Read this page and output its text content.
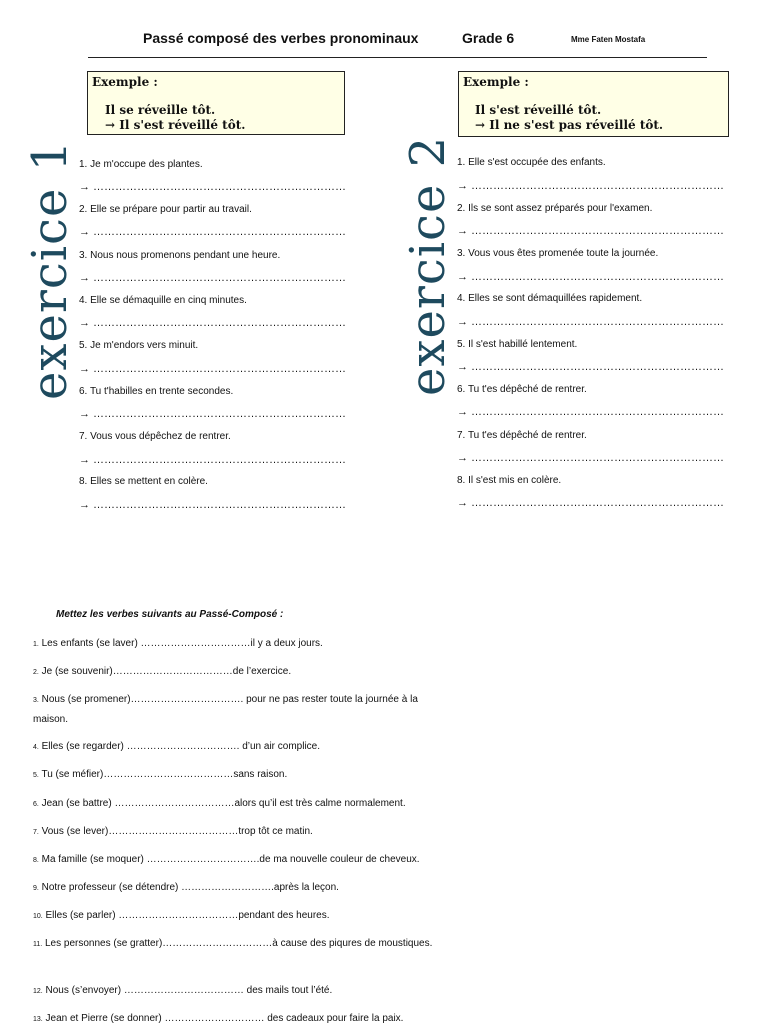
Passé composé des verbes pronominaux	Grade 6	Mme Faten Mostafa
Exemple :
Il se réveille tôt.
→ Il s'est réveillé tôt.
Exemple :
Il s'est réveillé tôt.
→ Il ne s'est pas réveillé tôt.
exercice 1	exercice 2
1. Je m'occupe des plantes.
→ ……………………………………………………………
2. Elle se prépare pour partir au travail.
→ ……………………………………………………………
3. Nous nous promenons pendant une heure.
→ ……………………………………………………………
4. Elle se démaquille en cinq minutes.
→ ……………………………………………………………
5. Je m'endors vers minuit.
→ ……………………………………………………………
6. Tu t'habilles en trente secondes.
→ ……………………………………………………………
7. Vous vous dépêchez de rentrer.
→ ……………………………………………………………
8. Elles se mettent en colère.
→ ……………………………………………………………
1. Elle s'est occupée des enfants.
→ ……………………………………………………………
2. Ils se sont assez préparés pour l'examen.
→ ……………………………………………………………
3. Vous vous êtes promenée toute la journée.
→ ……………………………………………………………
4. Elles se sont démaquillées rapidement.
→ ……………………………………………………………
5. Il s'est habillé lentement.
→ ……………………………………………………………
6. Tu t'es dépêché de rentrer.
→ ……………………………………………………………
7. Tu t'es dépêché de rentrer.
→ ……………………………………………………………
8. Il s'est mis en colère.
→ ……………………………………………………………
Mettez les verbes suivants au Passé-Composé :
1. Les enfants (se laver) ……………………………il y a deux jours.
2. Je (se souvenir)………………………………de l’exercice.
3. Nous (se promener)……………………………. pour ne pas rester toute la journée à la maison.
4. Elles (se regarder) ……………………………. d’un air complice.
5. Tu (se méfier)…………………………………sans raison.
6. Jean (se battre) ………………………………alors qu’il est très calme normalement.
7. Vous (se lever)…………………………………trop tôt ce matin.
8. Ma famille (se moquer) …………………………….de ma nouvelle couleur de cheveux.
9. Notre professeur (se détendre) ……………………….après la leçon.
10. Elles (se parler) ………………………………pendant des heures.
11. Les personnes (se gratter)……………………………à cause des piqures de moustiques.
12. Nous (s’envoyer) ……………………………… des mails tout l’été.
13. Jean et Pierre (se donner) ………………………… des cadeaux pour faire la paix.
